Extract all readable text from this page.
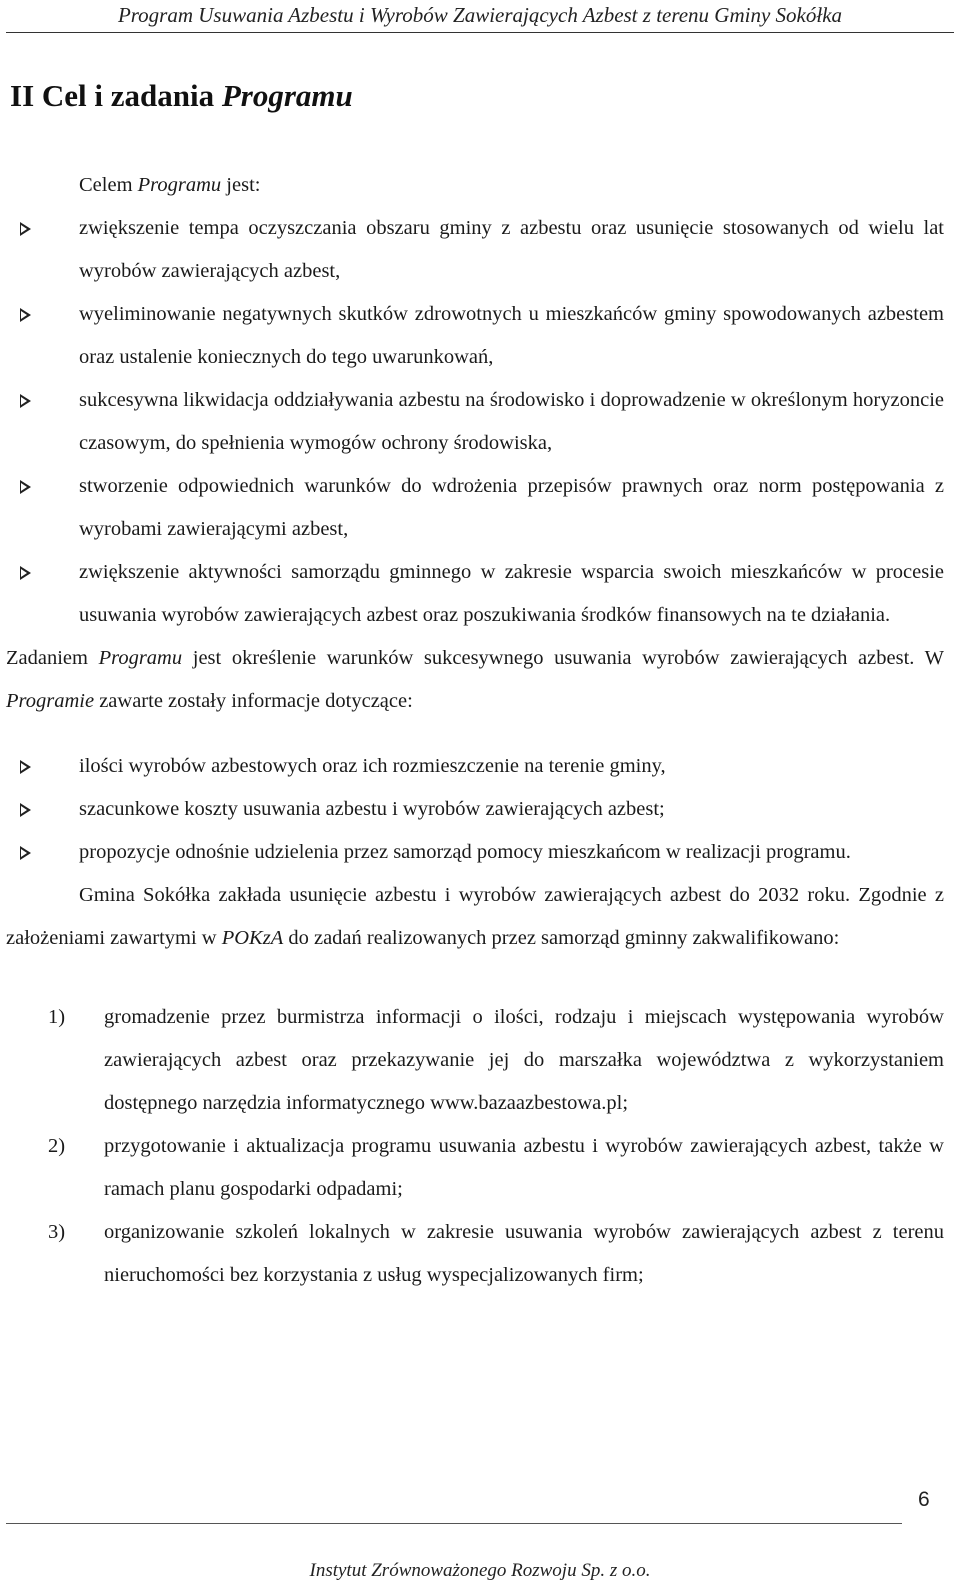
Program Usuwania Azbestu i Wyrobów Zawierających Azbest z terenu Gminy Sokółka
II Cel i zadania Programu

Celem Programu jest:

zwiększenie tempa oczyszczania obszaru gminy z azbestu oraz usunięcie stosowanych od wielu lat wyrobów zawierających azbest,
wyeliminowanie negatywnych skutków zdrowotnych u mieszkańców gminy spowodowanych azbestem oraz ustalenie koniecznych do tego uwarunkowań,
sukcesywna likwidacja oddziaływania azbestu na środowisko i doprowadzenie w określonym horyzoncie czasowym, do spełnienia wymogów ochrony środowiska,
stworzenie odpowiednich warunków do wdrożenia przepisów prawnych oraz norm postępowania z wyrobami zawierającymi azbest,
zwiększenie aktywności samorządu gminnego w zakresie wsparcia swoich mieszkańców w procesie usuwania wyrobów zawierających azbest oraz poszukiwania środków finansowych na te działania.

Zadaniem Programu jest określenie warunków sukcesywnego usuwania wyrobów zawierających azbest. W Programie zawarte zostały informacje dotyczące:

ilości wyrobów azbestowych oraz ich rozmieszczenie na terenie gminy,
szacunkowe koszty usuwania azbestu i wyrobów zawierających azbest;
propozycje odnośnie udzielenia przez samorząd pomocy mieszkańcom w realizacji programu.

Gmina Sokółka zakłada usunięcie azbestu i wyrobów zawierających azbest do 2032 roku. Zgodnie z założeniami zawartymi w POKzA do zadań realizowanych przez samorząd gminny zakwalifikowano:

1) gromadzenie przez burmistrza informacji o ilości, rodzaju i miejscach występowania wyrobów zawierających azbest oraz przekazywanie jej do marszałka województwa z wykorzystaniem dostępnego narzędzia informatycznego www.bazaazbestowa.pl;
2) przygotowanie i aktualizacja programu usuwania azbestu i wyrobów zawierających azbest, także w ramach planu gospodarki odpadami;
3) organizowanie szkoleń lokalnych w zakresie usuwania wyrobów zawierających azbest z terenu nieruchomości bez korzystania z usług wyspecjalizowanych firm;
6
Instytut Zrównoważonego Rozwoju Sp. z o.o.
